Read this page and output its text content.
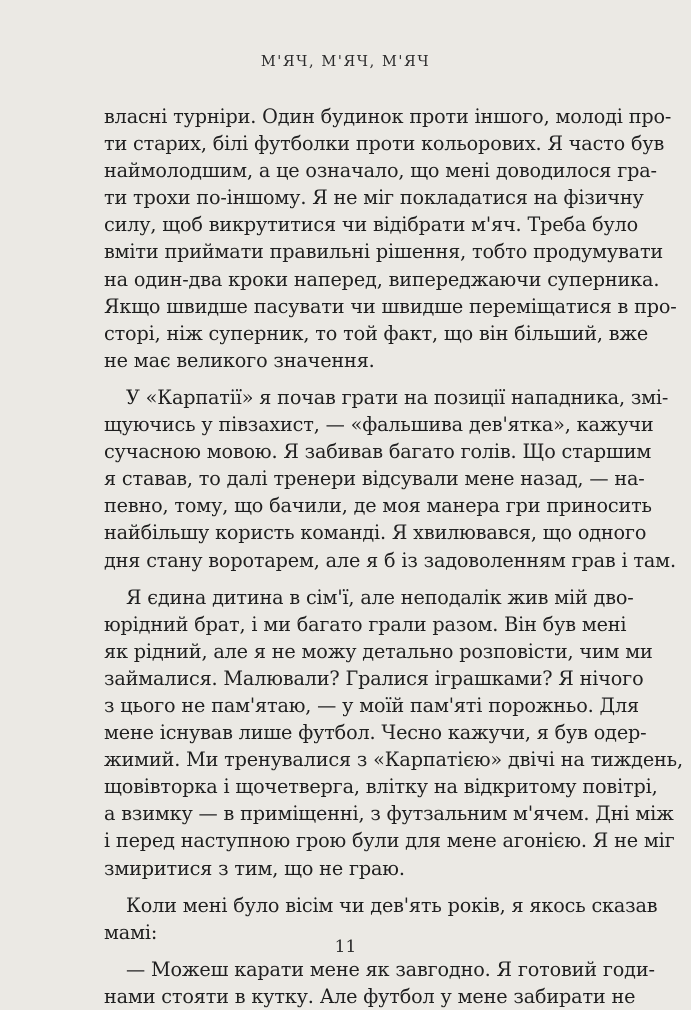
М'ЯЧ, М'ЯЧ, М'ЯЧ

власні турніри. Один будинок проти іншого, молоді про-
ти старих, білі футболки проти кольорових. Я часто був
наймолодшим, а це означало, що мені доводилося гра-
ти трохи по-іншому. Я не міг покладатися на фізичну
силу, щоб викрутитися чи відібрати м'яч. Треба було
вміти приймати правильні рішення, тобто продумувати
на один-два кроки наперед, випереджаючи суперника.
Якщо швидше пасувати чи швидше переміщатися в про-
сторі, ніж суперник, то той факт, що він більший, вже
не має великого значення.

У «Карпатії» я почав грати на позиції нападника, змі-
щуючись у півзахист, — «фальшива дев'ятка», кажучи
сучасною мовою. Я забивав багато голів. Що старшим
я ставав, то далі тренери відсували мене назад, — на-
певно, тому, що бачили, де моя манера гри приносить
найбільшу користь команді. Я хвилювався, що одного
дня стану воротарем, але я б із задоволенням грав і там.

Я єдина дитина в сім'ї, але неподалік жив мій дво-
юрідний брат, і ми багато грали разом. Він був мені
як рідний, але я не можу детально розповісти, чим ми
займалися. Малювали? Гралися іграшками? Я нічого
з цього не пам'ятаю, — у моїй пам'яті порожньо. Для
мене існував лише футбол. Чесно кажучи, я був одер-
жимий. Ми тренувалися з «Карпатією» двічі на тиждень,
щовівторка і щочетверга, влітку на відкритому повітрі,
а взимку — в приміщенні, з футзальним м'ячем. Дні між
і перед наступною грою були для мене агонією. Я не міг
змиритися з тим, що не граю.

Коли мені було вісім чи дев'ять років, я якось сказав
мамі:

— Можеш карати мене як завгодно. Я готовий годи-
нами стояти в кутку. Але футбол у мене забирати не

11
